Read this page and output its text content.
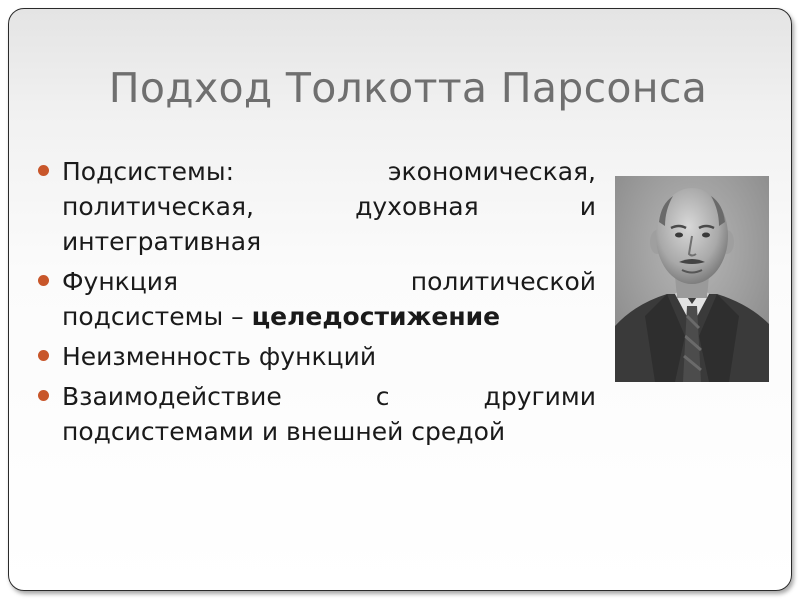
Подход Толкотта Парсонса
Подсистемы:	экономическая,
политическая,	духовная	и
интегративная
Функция	политической
подсистемы – целедостижение
Неизменность функций
Взаимодействие	с	другими
подсистемами и внешней средой
